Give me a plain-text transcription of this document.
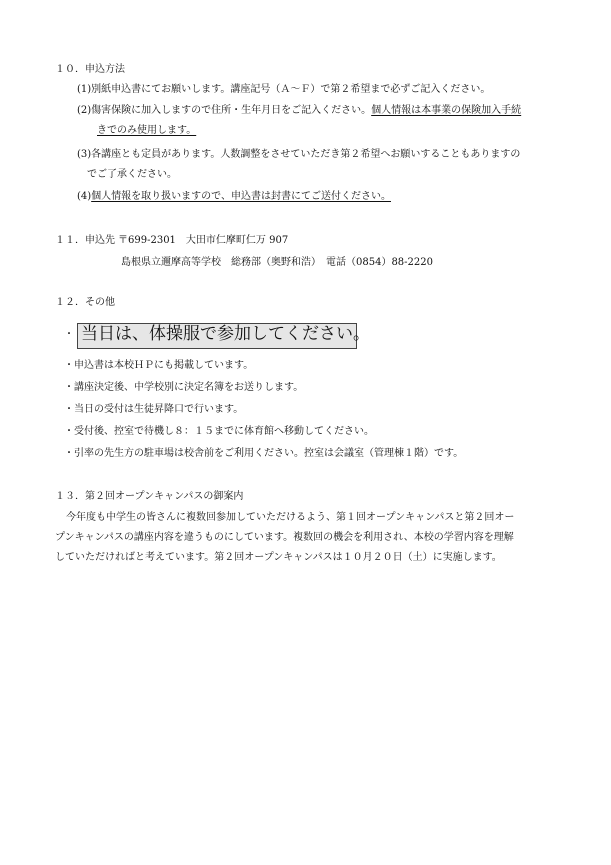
１０．申込方法
(1)別紙申込書にてお願いします。講座記号（Ａ～Ｆ）で第２希望まで必ずご記入ください。
(2)傷害保険に加入しますので住所・生年月日をご記入ください。個人情報は本事業の保険加入手続
きでのみ使用します。
(3)各講座とも定員があります。人数調整をさせていただき第２希望へお願いすることもありますの
でご了承ください。
(4)個人情報を取り扱いますので、申込書は封書にてご送付ください。
１１．申込先 〒699-2301　大田市仁摩町仁万 907
島根県立邇摩高等学校　総務部（奥野和浩）　電話（0854）88-2220
１２．その他
・ 当日は、体操服で参加してください。
・ 申込書は本校ＨＰにも掲載しています。
・ 講座決定後、中学校別に決定名簿をお送りします。
・ 当日の受付は生徒昇降口で行います。
・ 受付後、控室で待機し８：１５までに体育館へ移動してください。
・ 引率の先生方の駐車場は校舎前をご利用ください。控室は会議室（管理棟１階）です。
１３．第２回オープンキャンパスの御案内
今年度も中学生の皆さんに複数回参加していただけるよう、第１回オープンキャンパスと第２回オー
プンキャンパスの講座内容を違うものにしています。複数回の機会を利用され、本校の学習内容を理解
していただければと考えています。第２回オープンキャンパスは１０月２０日（土）に実施します。
